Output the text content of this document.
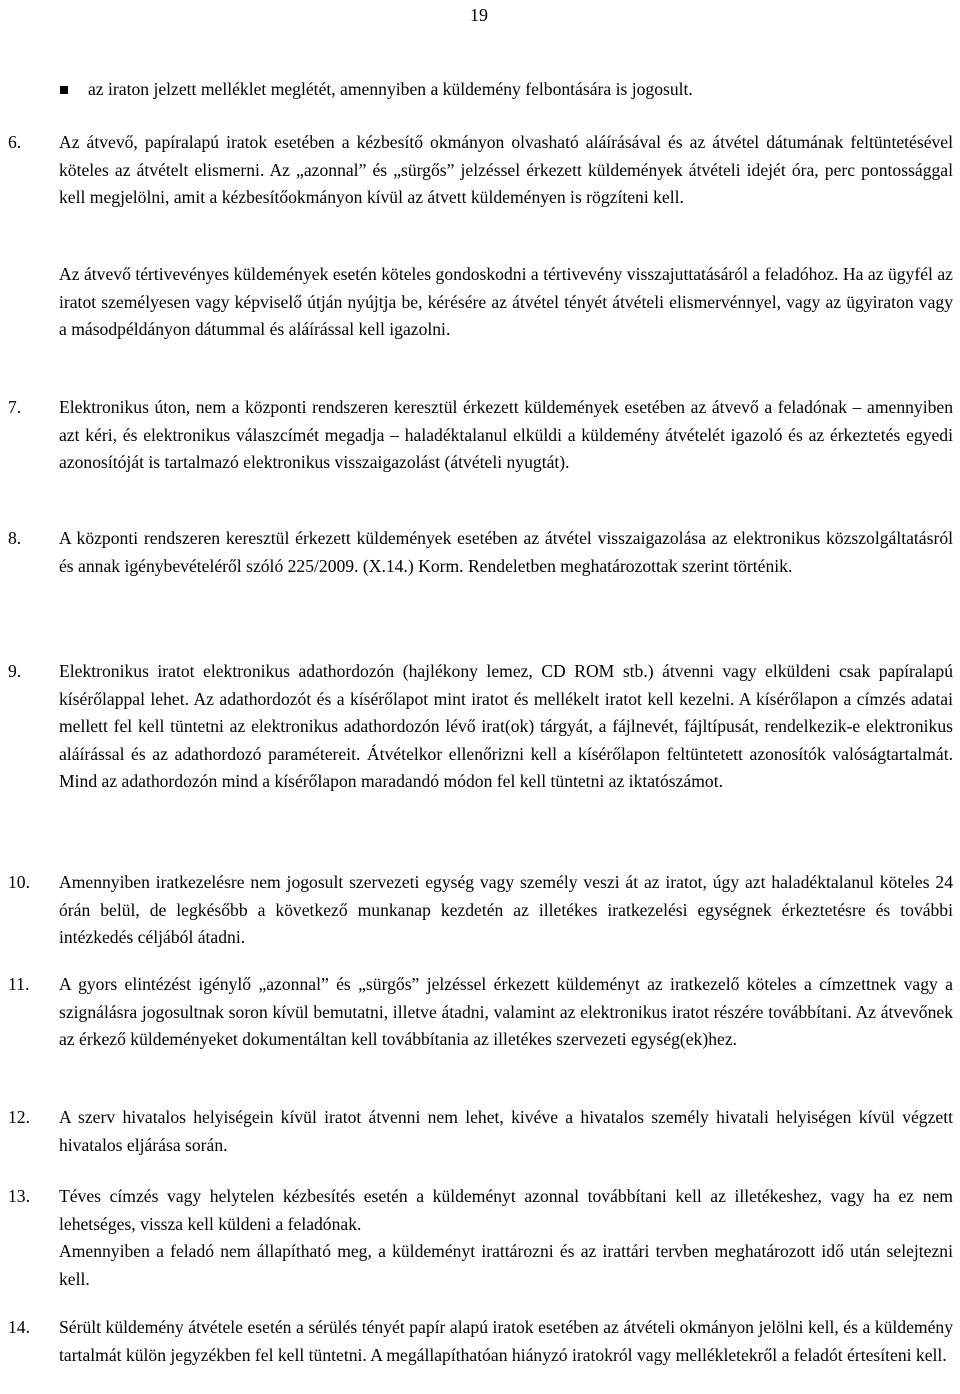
19
az iraton jelzett melléklet meglétét, amennyiben a küldemény felbontására is jogosult.
6.	Az átvevő, papíralapú iratok esetében a kézbesítő okmányon olvasható aláírásával és az átvétel dátumának feltüntetésével köteles az átvételt elismerni. Az „azonnal” és „sürgős” jelzéssel érkezett küldemények átvételi idejét óra, perc pontossággal kell megjelölni, amit a kézbesítőokmányon kívül az átvett küldeményen is rögzíteni kell.

Az átvevő tértivevényes küldemények esetén köteles gondoskodni a tértivevény visszajuttatásáról a feladóhoz. Ha az ügyfél az iratot személyesen vagy képviselő útján nyújtja be, kérésére az átvétel tényét átvételi elismervénnyel, vagy az ügyiraton vagy a másodpéldányon dátummal és aláírással kell igazolni.
7.	Elektronikus úton, nem a központi rendszeren keresztül érkezett küldemények esetében az átvevő a feladónak – amennyiben azt kéri, és elektronikus válaszcímét megadja – haladéktalanul elküldi a küldemény átvételét igazoló és az érkeztetés egyedi azonosítóját is tartalmazó elektronikus visszaigazolást (átvételi nyugtát).

8.	A központi rendszeren keresztül érkezett küldemények esetében az átvétel visszaigazolása az elektronikus közszolgáltatásról és annak igénybevételéről szóló 225/2009. (X.14.) Korm. Rendeletben meghatározottak szerint történik.

9.	Elektronikus iratot elektronikus adathordozón (hajlékony lemez, CD ROM stb.) átvenni vagy elküldeni csak papíralapú kísérőlappal lehet. Az adathordozót és a kísérőlapot mint iratot és mellékelt iratot kell kezelni. A kísérőlapon a címzés adatai mellett fel kell tüntetni az elektronikus adathordozón lévő irat(ok) tárgyát, a fájlnevét, fájltípusát, rendelkezik-e elektronikus aláírással és az adathordozó paramétereit. Átvételkor ellenőrizni kell a kísérőlapon feltüntetett azonosítók valóságtartalmát. Mind az adathordozón mind a kísérőlapon maradandó módon fel kell tüntetni az iktatószámot.

10.	Amennyiben iratkezelésre nem jogosult szervezeti egység vagy személy veszi át az iratot, úgy azt haladéktalanul köteles 24 órán belül, de legkésőbb a következő munkanap kezdetén az illetékes iratkezelési egységnek érkeztetésre és további intézkedés céljából átadni.

11.	A gyors elintézést igénylő „azonnal” és „sürgős” jelzéssel érkezett küldeményt az iratkezelő köteles a címzettnek vagy a szignálásra jogosultnak soron kívül bemutatni, illetve átadni, valamint az elektronikus iratot részére továbbítani. Az átvevőnek az érkező küldeményeket dokumentáltan kell továbbítania az illetékes szervezeti egység(ek)hez.

12.	A szerv hivatalos helyiségein kívül iratot átvenni nem lehet, kivéve a hivatalos személy hivatali helyiségen kívül végzett hivatalos eljárása során.

13.	Téves címzés vagy helytelen kézbesítés esetén a küldeményt azonnal továbbítani kell az illetékeshez, vagy ha ez nem lehetséges, vissza kell küldeni a feladónak.

Amennyiben a feladó nem állapítható meg, a küldeményt irattározni és az irattári tervben meghatározott idő után selejtezni kell.

14.	Sérült küldemény átvétele esetén a sérülés tényét papír alapú iratok esetében az átvételi okmányon jelölni kell, és a küldemény tartalmát külön jegyzékben fel kell tüntetni. A megállapíthatóan hiányzó iratokról vagy mellékletekről a feladót értesíteni kell.
